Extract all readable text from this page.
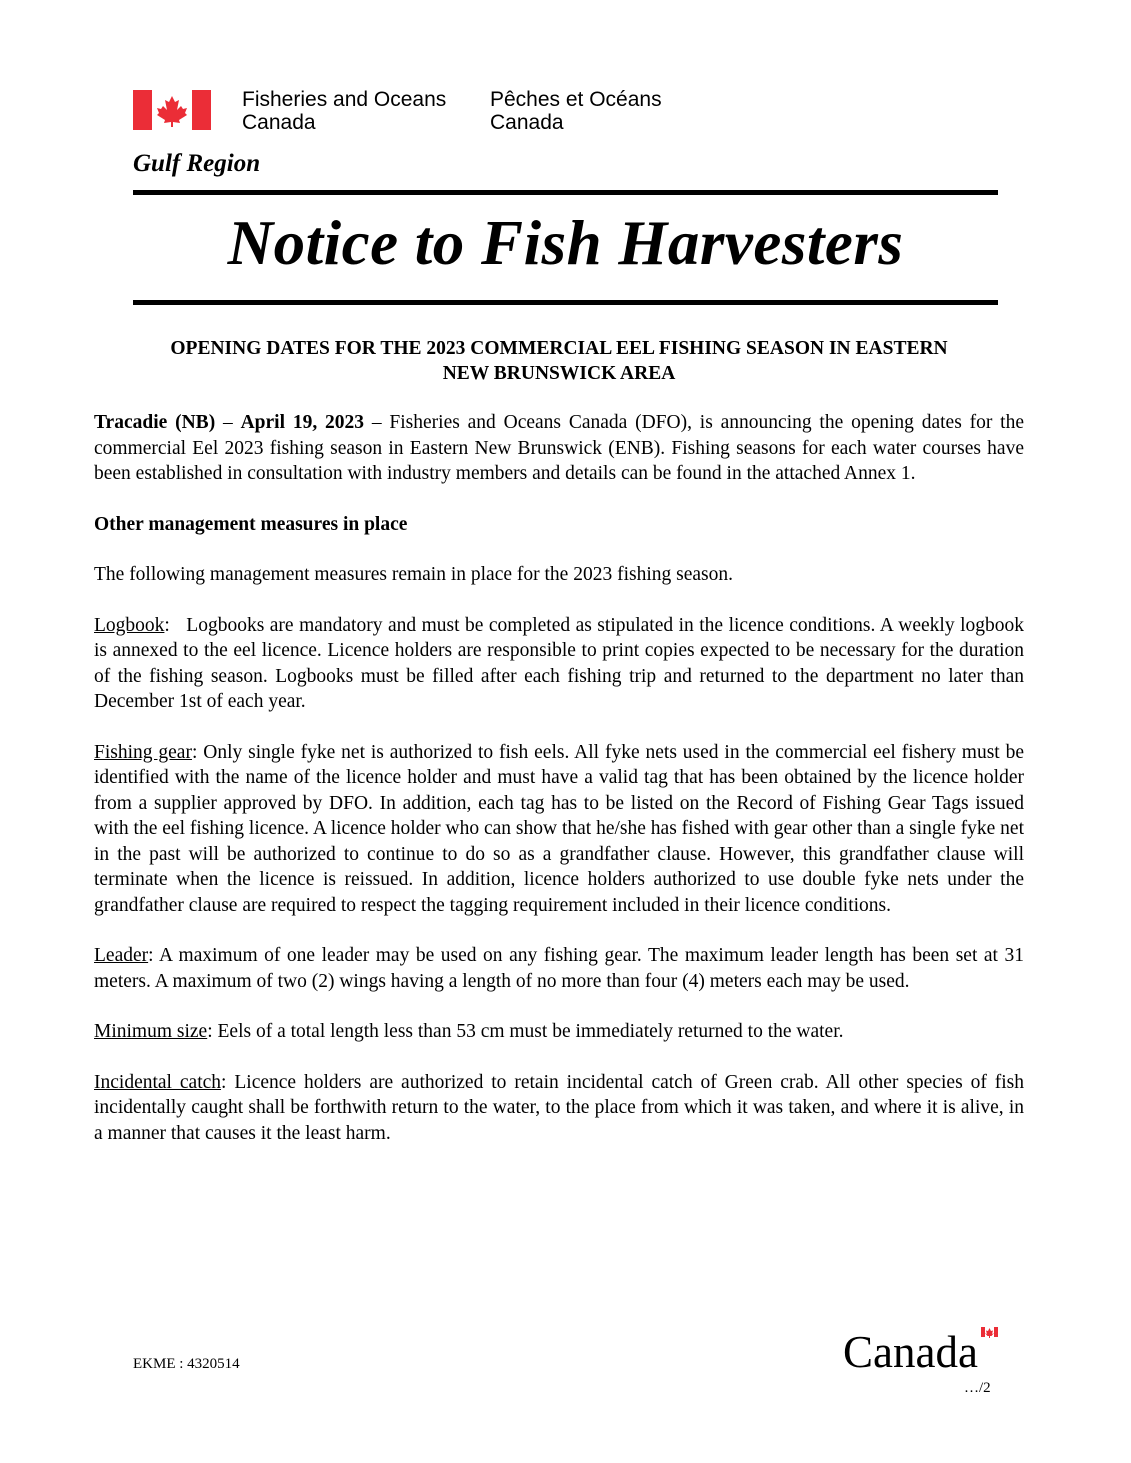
Fisheries and Oceans
Canada
Pêches et Océans
Canada
Gulf Region
Notice to Fish Harvesters
OPENING DATES FOR THE 2023 COMMERCIAL EEL FISHING SEASON IN EASTERN
NEW BRUNSWICK AREA

Tracadie (NB) – April 19, 2023 – Fisheries and Oceans Canada (DFO), is announcing the opening dates for the commercial Eel 2023 fishing season in Eastern New Brunswick (ENB). Fishing seasons for each water courses have been established in consultation with industry members and details can be found in the attached Annex 1.

Other management measures in place

The following management measures remain in place for the 2023 fishing season.

Logbook:   Logbooks are mandatory and must be completed as stipulated in the licence conditions. A weekly logbook is annexed to the eel licence. Licence holders are responsible to print copies expected to be necessary for the duration of the fishing season. Logbooks must be filled after each fishing trip and returned to the department no later than December 1st of each year.

Fishing gear: Only single fyke net is authorized to fish eels. All fyke nets used in the commercial eel fishery must be identified with the name of the licence holder and must have a valid tag that has been obtained by the licence holder from a supplier approved by DFO. In addition, each tag has to be listed on the Record of Fishing Gear Tags issued with the eel fishing licence. A licence holder who can show that he/she has fished with gear other than a single fyke net in the past will be authorized to continue to do so as a grandfather clause. However, this grandfather clause will terminate when the licence is reissued. In addition, licence holders authorized to use double fyke nets under the grandfather clause are required to respect the tagging requirement included in their licence conditions.

Leader: A maximum of one leader may be used on any fishing gear. The maximum leader length has been set at 31 meters. A maximum of two (2) wings having a length of no more than four (4) meters each may be used.

Minimum size: Eels of a total length less than 53 cm must be immediately returned to the water.

Incidental catch: Licence holders are authorized to retain incidental catch of Green crab. All other species of fish incidentally caught shall be forthwith return to the water, to the place from which it was taken, and where it is alive, in a manner that causes it the least harm.

EKME : 4320514	Canada
…/2
